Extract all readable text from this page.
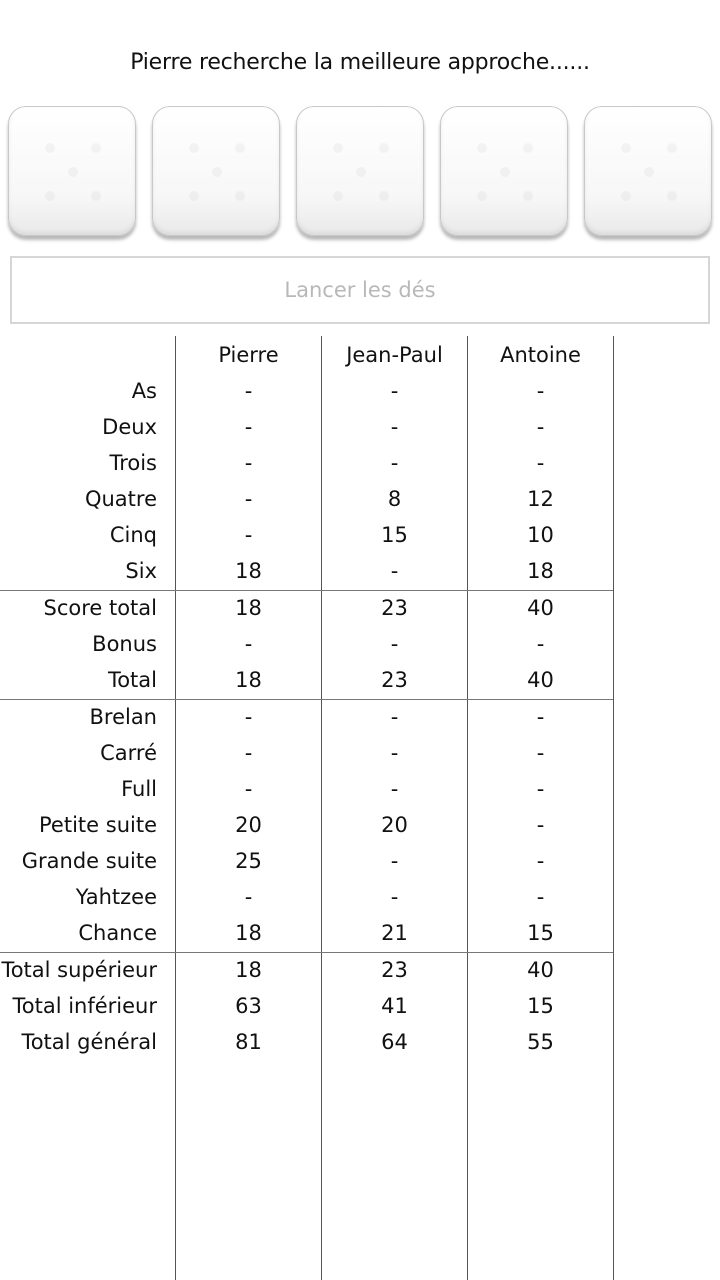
Pierre recherche la meilleure approche......
Lancer les dés
Pierre	Jean-Paul	Antoine
As	-	-	-
Deux	-	-	-
Trois	-	-	-
Quatre	-	8	12
Cinq	-	15	10
Six	18	-	18
Score total	18	23	40
Bonus	-	-	-
Total	18	23	40
Brelan	-	-	-
Carré	-	-	-
Full	-	-	-
Petite suite	20	20	-
Grande suite	25	-	-
Yahtzee	-	-	-
Chance	18	21	15
Total supérieur	18	23	40
Total inférieur	63	41	15
Total général	81	64	55
